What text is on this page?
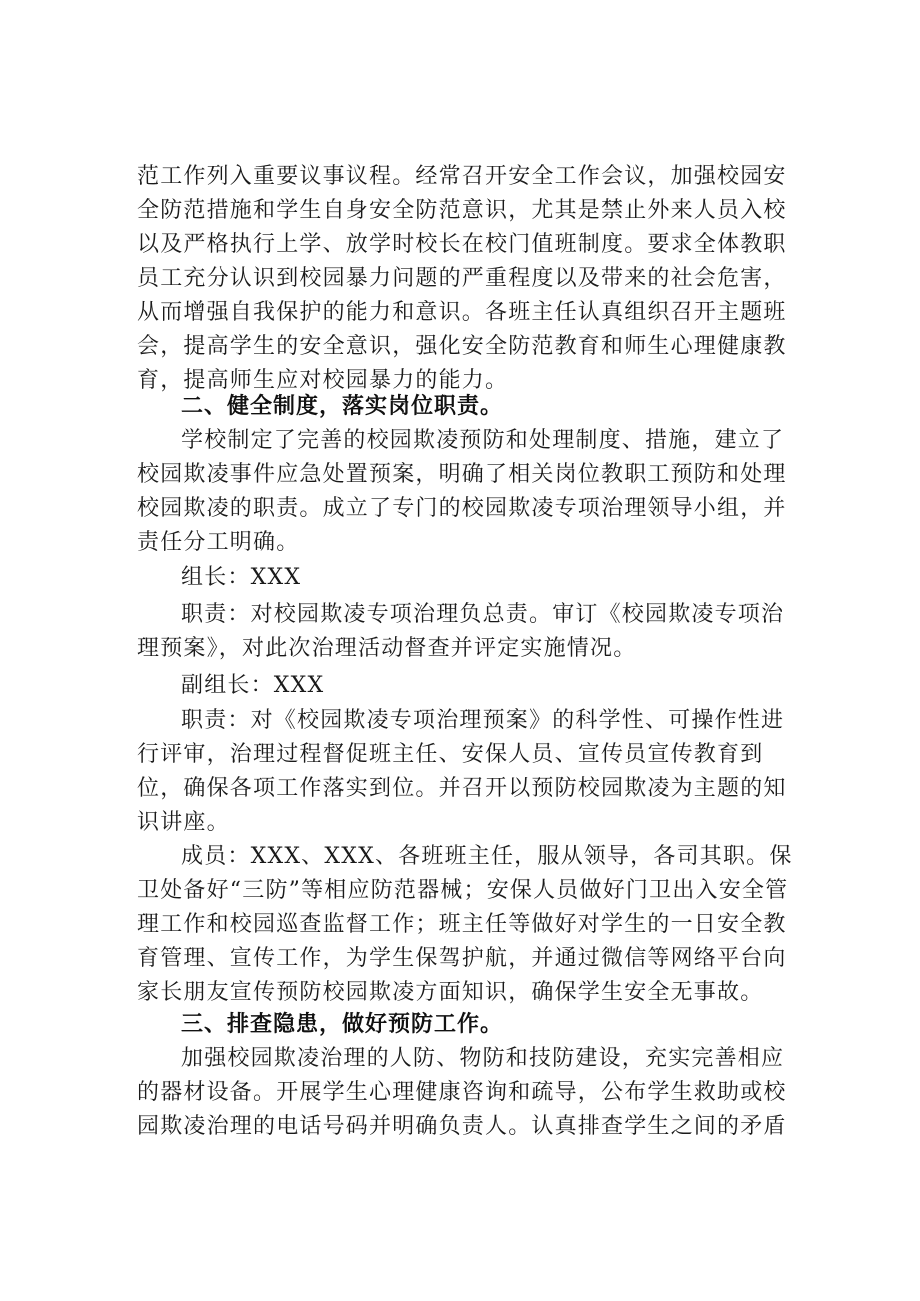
范工作列入重要议事议程。经常召开安全工作会议，加强校园安全防范措施和学生自身安全防范意识，尤其是禁止外来人员入校以及严格执行上学、放学时校长在校门值班制度。要求全体教职员工充分认识到校园暴力问题的严重程度以及带来的社会危害，从而增强自我保护的能力和意识。各班主任认真组织召开主题班会，提高学生的安全意识，强化安全防范教育和师生心理健康教育，提高师生应对校园暴力的能力。

二、健全制度，落实岗位职责。

学校制定了完善的校园欺凌预防和处理制度、措施，建立了校园欺凌事件应急处置预案，明确了相关岗位教职工预防和处理校园欺凌的职责。成立了专门的校园欺凌专项治理领导小组，并责任分工明确。

组长：XXX

职责：对校园欺凌专项治理负总责。审订《校园欺凌专项治理预案》，对此次治理活动督查并评定实施情况。

副组长：XXX

职责：对《校园欺凌专项治理预案》的科学性、可操作性进行评审，治理过程督促班主任、安保人员、宣传员宣传教育到位，确保各项工作落实到位。并召开以预防校园欺凌为主题的知识讲座。

成员：XXX、XXX、各班班主任，服从领导，各司其职。保卫处备好“三防”等相应防范器械；安保人员做好门卫出入安全管理工作和校园巡查监督工作；班主任等做好对学生的一日安全教育管理、宣传工作，为学生保驾护航，并通过微信等网络平台向家长朋友宣传预防校园欺凌方面知识，确保学生安全无事故。

三、排查隐患，做好预防工作。

加强校园欺凌治理的人防、物防和技防建设，充实完善相应的器材设备。开展学生心理健康咨询和疏导，公布学生救助或校园欺凌治理的电话号码并明确负责人。认真排查学生之间的矛盾
